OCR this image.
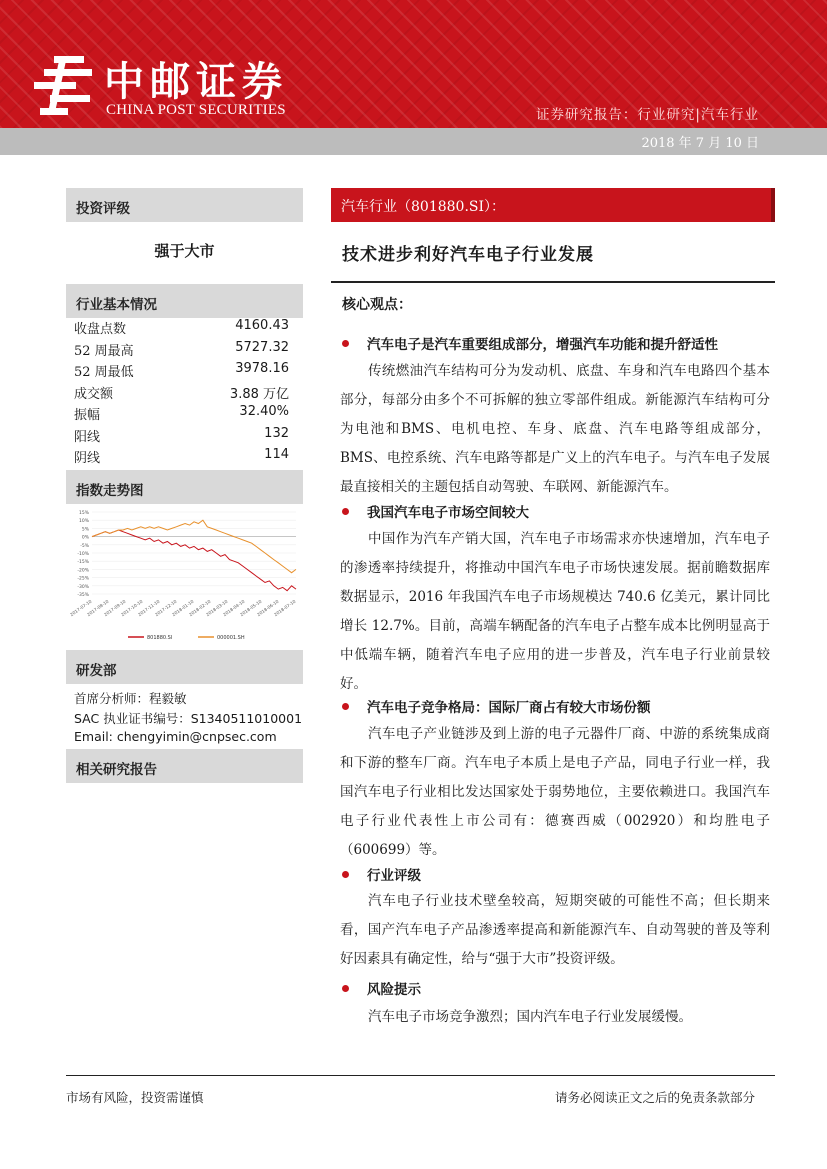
中邮证券
CHINA POST SECURITIES	证券研究报告：行业研究|汽车行业
2018 年 7 月 10 日
投资评级
强于大市
行业基本情况
收盘点数	4160.43
52 周最高	5727.32
52 周最低	3978.16
成交额	3.88 万亿
振幅	32.40%
阳线	132
阴线	114
指数走势图
15%
10%
5%
0%
-5%
-10%
-15%
-20%
-25%
-30%
-35%
2017-07-10
2017-08-10
2017-09-10
2017-10-10
2017-11-10
2017-12-10
2018-01-10
2018-02-10
2018-03-10
2018-04-10
2018-05-10
2018-06-10
2018-07-10
801880.SI	000001.SH
研发部
首席分析师：程毅敏
SAC 执业证书编号：S1340511010001
Email: chengyimin@cnpsec.com
相关研究报告
汽车行业（801880.SI）：
技术进步利好汽车电子行业发展
核心观点：
汽车电子是汽车重要组成部分，增强汽车功能和提升舒适性
传统燃油汽车结构可分为发动机、底盘、车身和汽车电路四个基本部分，每部分由多个不可拆解的独立零部件组成。新能源汽车结构可分为电池和BMS、电机电控、车身、底盘、汽车电路等组成部分，BMS、电控系统、汽车电路等都是广义上的汽车电子。与汽车电子发展最直接相关的主题包括自动驾驶、车联网、新能源汽车。
我国汽车电子市场空间较大
中国作为汽车产销大国，汽车电子市场需求亦快速增加，汽车电子的渗透率持续提升，将推动中国汽车电子市场快速发展。据前瞻数据库数据显示，2016 年我国汽车电子市场规模达 740.6 亿美元，累计同比增长 12.7%。目前，高端车辆配备的汽车电子占整车成本比例明显高于中低端车辆，随着汽车电子应用的进一步普及，汽车电子行业前景较好。
汽车电子竞争格局：国际厂商占有较大市场份额
汽车电子产业链涉及到上游的电子元器件厂商、中游的系统集成商和下游的整车厂商。汽车电子本质上是电子产品，同电子行业一样，我国汽车电子行业相比发达国家处于弱势地位，主要依赖进口。我国汽车电子行业代表性上市公司有：德赛西威（002920）和均胜电子（600699）等。
行业评级
汽车电子行业技术壁垒较高，短期突破的可能性不高；但长期来看，国产汽车电子产品渗透率提高和新能源汽车、自动驾驶的普及等利好因素具有确定性，给与“强于大市”投资评级。
风险提示
汽车电子市场竞争激烈；国内汽车电子行业发展缓慢。
市场有风险，投资需谨慎	请务必阅读正文之后的免责条款部分
